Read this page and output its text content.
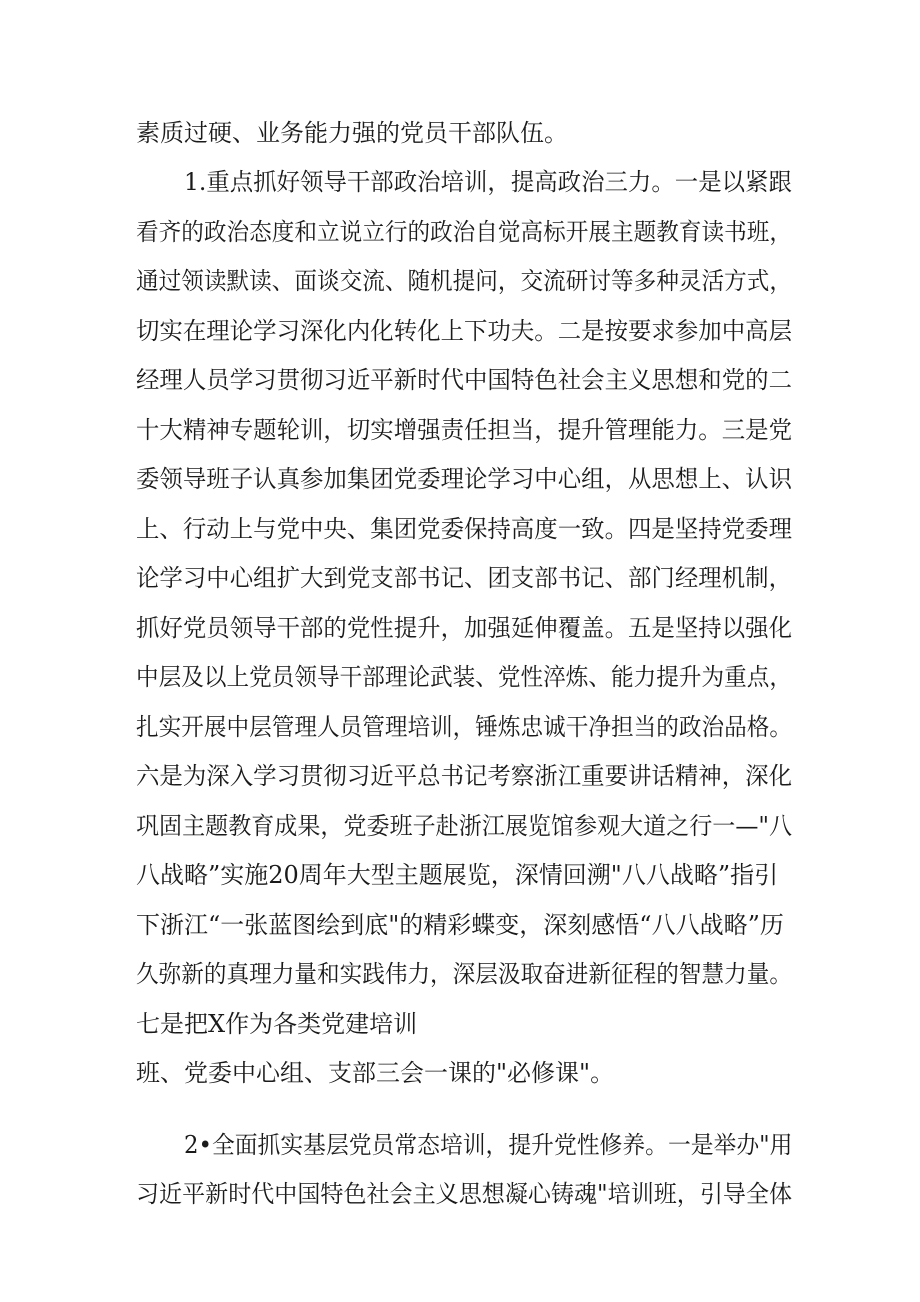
素质过硬、业务能力强的党员干部队伍。
1.重点抓好领导干部政治培训，提高政治三力。一是以紧跟
看齐的政治态度和立说立行的政治自觉高标开展主题教育读书班，
通过领读默读、面谈交流、随机提问，交流研讨等多种灵活方式，
切实在理论学习深化内化转化上下功夫。二是按要求参加中高层
经理人员学习贯彻习近平新时代中国特色社会主义思想和党的二
十大精神专题轮训，切实增强责任担当，提升管理能力。三是党
委领导班子认真参加集团党委理论学习中心组，从思想上、认识
上、行动上与党中央、集团党委保持高度一致。四是坚持党委理
论学习中心组扩大到党支部书记、团支部书记、部门经理机制，
抓好党员领导干部的党性提升，加强延伸覆盖。五是坚持以强化
中层及以上党员领导干部理论武装、党性淬炼、能力提升为重点，
扎实开展中层管理人员管理培训，锤炼忠诚干净担当的政治品格。
六是为深入学习贯彻习近平总书记考察浙江重要讲话精神，深化
巩固主题教育成果，党委班子赴浙江展览馆参观大道之行一—"八
八战略”实施20周年大型主题展览，深情回溯"八八战略”指引
下浙江“一张蓝图绘到底"的精彩蝶变，深刻感悟“八八战略”历
久弥新的真理力量和实践伟力，深层汲取奋进新征程的智慧力量。
七是把X作为各类党建培训
班、党委中心组、支部三会一课的"必修课"。
2•全面抓实基层党员常态培训，提升党性修养。一是举办"用
习近平新时代中国特色社会主义思想凝心铸魂"培训班，引导全体
